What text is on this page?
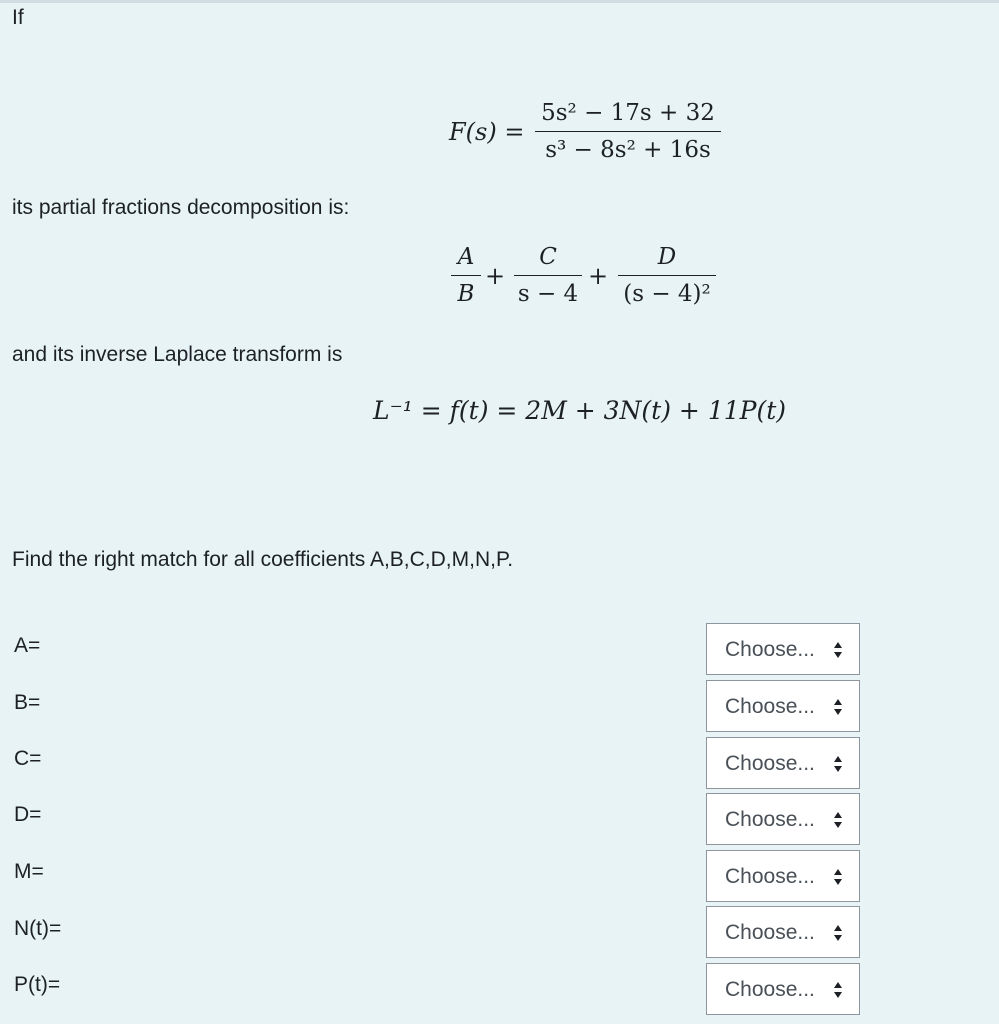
If
F(s) =
5s² − 17s + 32
s³ − 8s² + 16s
its partial fractions decomposition is:
A
B
+
C
s − 4
+
D
(s − 4)²
and its inverse Laplace transform is
L⁻¹ = f(t) = 2M + 3N(t) + 11P(t)
Find the right match for all coefficients A,B,C,D,M,N,P.
A=	Choose...
B=	Choose...
C=	Choose...
D=	Choose...
M=	Choose...
N(t)=	Choose...
P(t)=	Choose...
